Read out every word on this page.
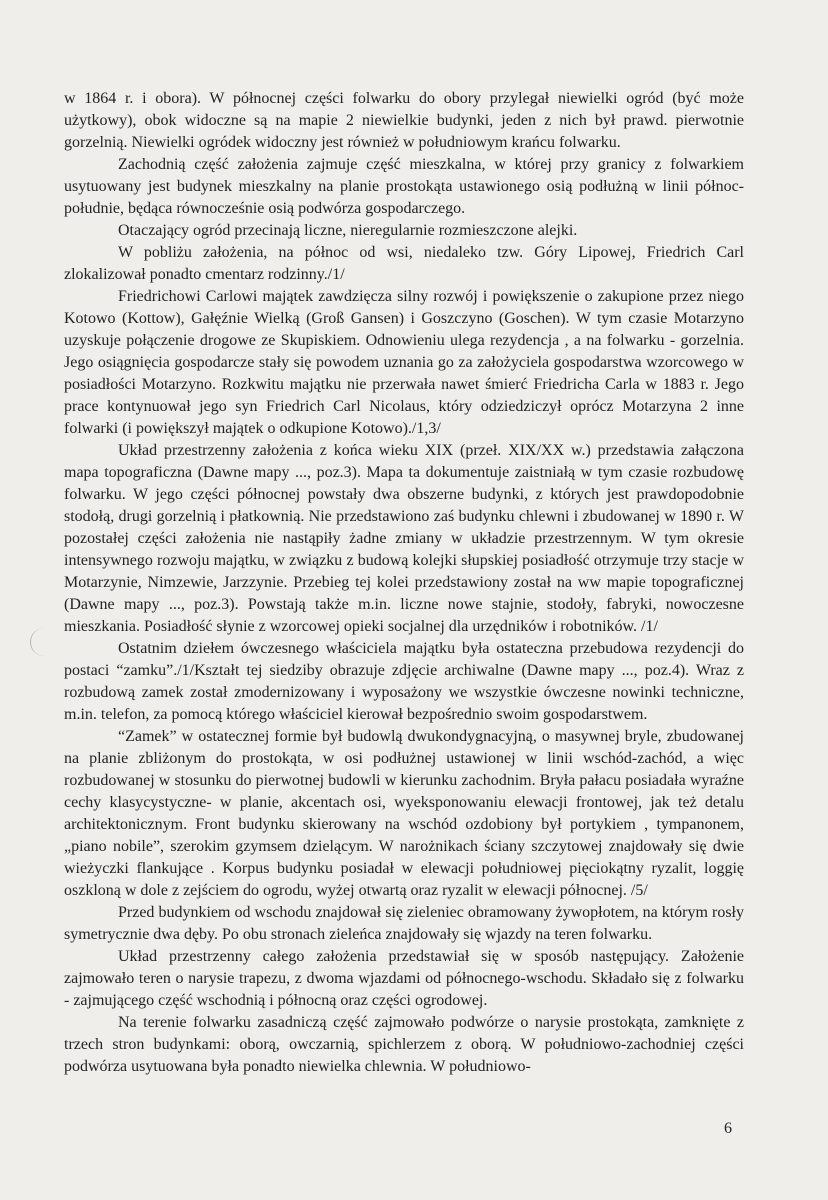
w 1864 r. i obora). W północnej części folwarku do obory przylegał niewielki ogród (być może użytkowy), obok widoczne są na mapie 2 niewielkie budynki, jeden z nich był prawd. pierwotnie gorzelnią. Niewielki ogródek widoczny jest również w południowym krańcu folwarku.

Zachodnią część założenia zajmuje część mieszkalna, w której przy granicy z folwarkiem usytuowany jest budynek mieszkalny na planie prostokąta ustawionego osią podłużną w linii północ-południe, będąca równocześnie osią podwórza gospodarczego.

Otaczający ogród przecinają liczne, nieregularnie rozmieszczone alejki.

W pobliżu założenia, na północ od wsi, niedaleko tzw. Góry Lipowej, Friedrich Carl zlokalizował ponadto cmentarz rodzinny./1/

Friedrichowi Carlowi majątek zawdzięcza silny rozwój i powiększenie o zakupione przez niego Kotowo (Kottow), Gałęźnie Wielką (Groß Gansen) i Goszczyno (Goschen). W tym czasie Motarzyno uzyskuje połączenie drogowe ze Skupiskiem. Odnowieniu ulega rezydencja , a na folwarku - gorzelnia. Jego osiągnięcia gospodarcze stały się powodem uznania go za założyciela gospodarstwa wzorcowego w posiadłości Motarzyno. Rozkwitu majątku nie przerwała nawet śmierć Friedricha Carla w 1883 r. Jego prace kontynuował jego syn Friedrich Carl Nicolaus, który odziedziczył oprócz Motarzyna 2 inne folwarki (i powiększył majątek o odkupione Kotowo)./1,3/

Układ przestrzenny założenia z końca wieku XIX (przeł. XIX/XX w.) przedstawia załączona mapa topograficzna (Dawne mapy ..., poz.3). Mapa ta dokumentuje zaistniałą w tym czasie rozbudowę folwarku. W jego części północnej powstały dwa obszerne budynki, z których jest prawdopodobnie stodołą, drugi gorzelnią i płatkownią. Nie przedstawiono zaś budynku chlewni i zbudowanej w 1890 r. W pozostałej części założenia nie nastąpiły żadne zmiany w układzie przestrzennym. W tym okresie intensywnego rozwoju majątku, w związku z budową kolejki słupskiej posiadłość otrzymuje trzy stacje w Motarzynie, Nimzewie, Jarzzynie. Przebieg tej kolei przedstawiony został na ww mapie topograficznej (Dawne mapy ..., poz.3). Powstają także m.in. liczne nowe stajnie, stodoły, fabryki, nowoczesne mieszkania. Posiadłość słynie z wzorcowej opieki socjalnej dla urzędników i robotników. /1/

Ostatnim dziełem ówczesnego właściciela majątku była ostateczna przebudowa rezydencji do postaci “zamku”./1/Kształt tej siedziby obrazuje zdjęcie archiwalne (Dawne mapy ..., poz.4). Wraz z rozbudową zamek został zmodernizowany i wyposażony we wszystkie ówczesne nowinki techniczne, m.in. telefon, za pomocą którego właściciel kierował bezpośrednio swoim gospodarstwem.

“Zamek” w ostatecznej formie był budowlą dwukondygnacyjną, o masywnej bryle, zbudowanej na planie zbliżonym do prostokąta, w osi podłużnej ustawionej w linii wschód-zachód, a więc rozbudowanej w stosunku do pierwotnej budowli w kierunku zachodnim. Bryła pałacu posiadała wyraźne cechy klasycystyczne- w planie, akcentach osi, wyeksponowaniu elewacji frontowej, jak też detalu architektonicznym. Front budynku skierowany na wschód ozdobiony był portykiem , tympanonem, „piano nobile”, szerokim gzymsem dzielącym. W narożnikach ściany szczytowej znajdowały się dwie wieżyczki flankujące . Korpus budynku posiadał w elewacji południowej pięciokątny ryzalit, loggię oszkloną w dole z zejściem do ogrodu, wyżej otwartą oraz ryzalit w elewacji północnej. /5/

Przed budynkiem od wschodu znajdował się zieleniec obramowany żywopłotem, na którym rosły symetrycznie dwa dęby. Po obu stronach zieleńca znajdowały się wjazdy na teren folwarku.

Układ przestrzenny całego założenia przedstawiał się w sposób następujący. Założenie zajmowało teren o narysie trapezu, z dwoma wjazdami od północnego-wschodu. Składało się z folwarku - zajmującego część wschodnią i północną oraz części ogrodowej.

Na terenie folwarku zasadniczą część zajmowało podwórze o narysie prostokąta, zamknięte z trzech stron budynkami: oborą, owczarnią, spichlerzem z oborą. W południowo-zachodniej części podwórza usytuowana była ponadto niewielka chlewnia. W południowo-

6
